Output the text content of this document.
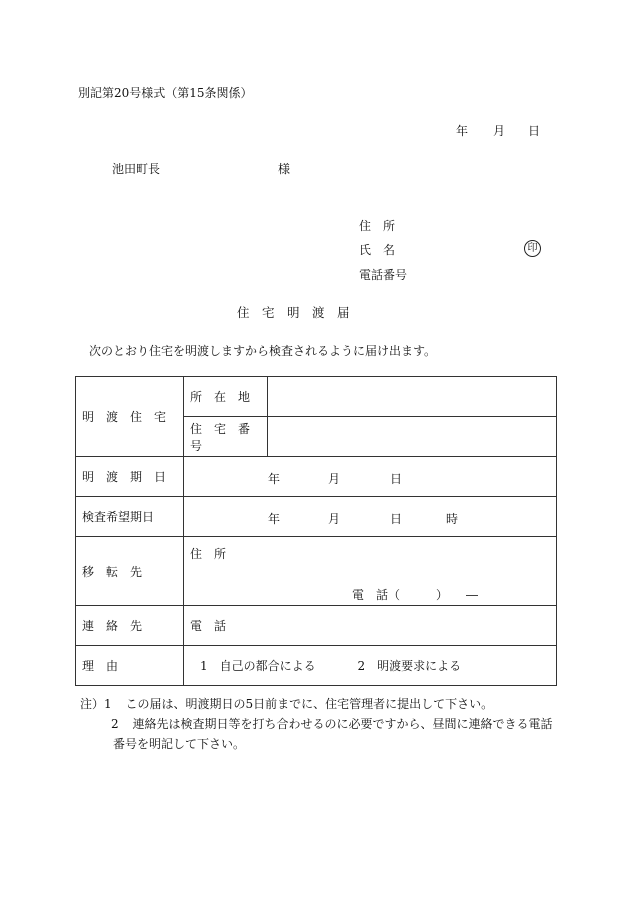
別記第20号様式（第15条関係）
年 月 日
池田町長	様
住　所
氏　名	印
電話番号
住　宅　明　渡　届
次のとおり住宅を明渡しますから検査されるように届け出ます。
明　渡　住　宅	所　在　地	
	住　宅　番　号	
明　渡　期　日	年 月 日	

検査希望期日	年 月 日 時	

移　転　先	住　所
電　話（　　　）　　―	

連　絡　先	電　話	
理　由	1　自己の都合による 2　明渡要求による	
注）1 この届は、明渡期日の5日前までに、住宅管理者に提出して下さい。
2 連絡先は検査期日等を打ち合わせるのに必要ですから、昼間に連絡できる電話
番号を明記して下さい。
